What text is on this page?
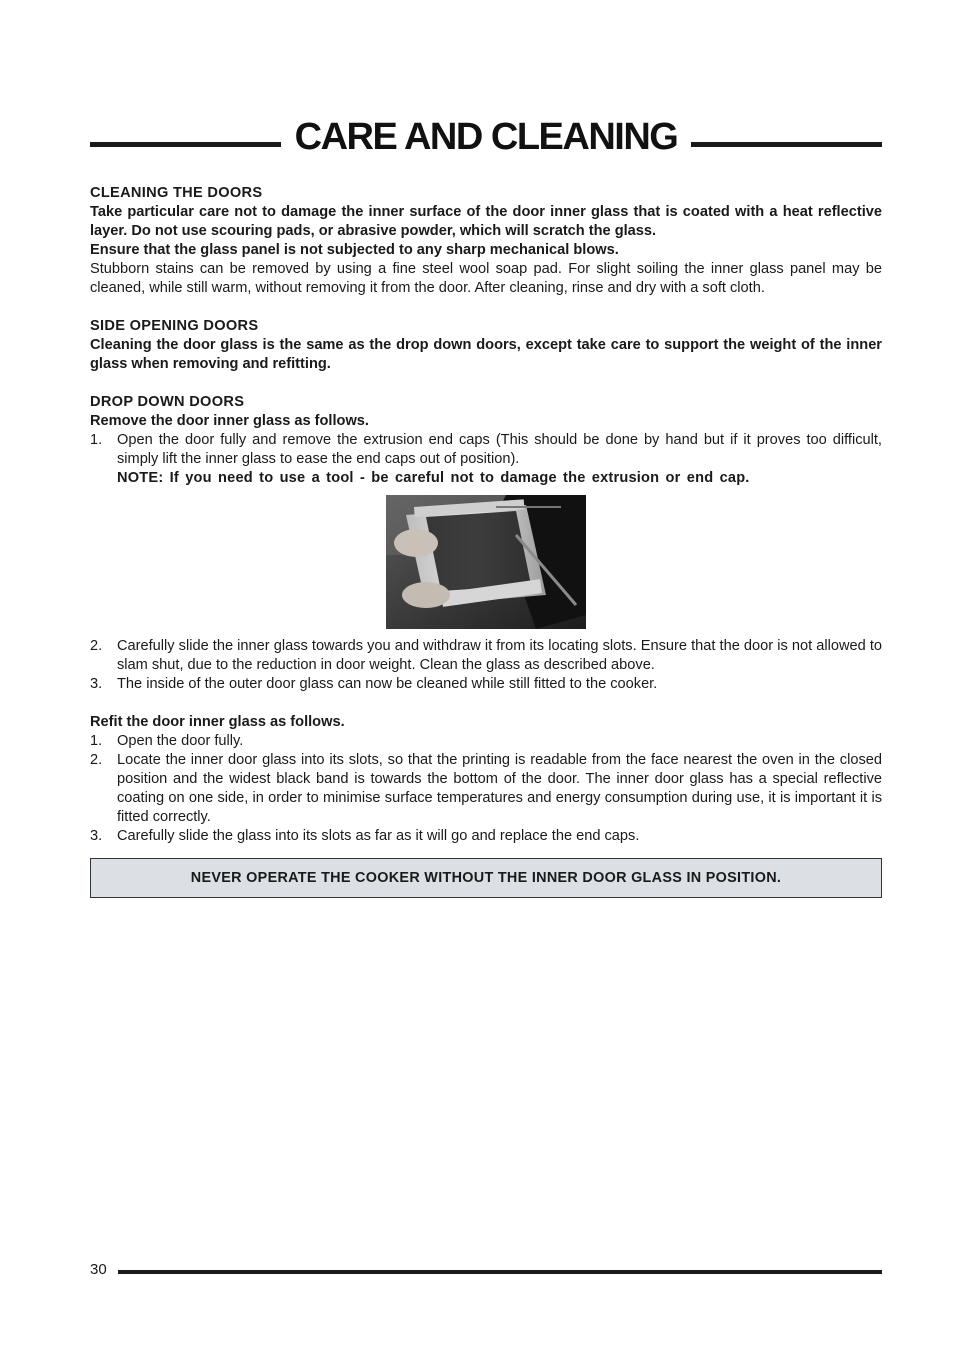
CARE AND CLEANING

CLEANING THE DOORS

Take particular care not to damage the inner surface of the door inner glass that is coated with a heat reflective layer. Do not use scouring pads, or abrasive powder, which will scratch the glass.

Ensure that the glass panel is not subjected to any sharp mechanical blows.

Stubborn stains can be removed by using a fine steel wool soap pad. For slight soiling the inner glass panel may be cleaned, while still warm, without removing it from the door. After cleaning, rinse and dry with a soft cloth.

SIDE OPENING DOORS

Cleaning the door glass is the same as the drop down doors, except take care to support the weight of the inner glass when removing and refitting.

DROP DOWN DOORS

Remove the door inner glass as follows.

1.	Open the door fully and remove the extrusion end caps (This should be done by hand but if it proves too difficult, simply lift the inner glass to ease the end caps out of position).

NOTE: If you need to use a tool - be careful not to damage the extrusion or end cap.

2.	Carefully slide the inner glass towards you and withdraw it from its locating slots. Ensure that the door is not allowed to slam shut, due to the reduction in door weight. Clean the glass as described above.
3.	The inside of the outer door glass can now be cleaned while still fitted to the cooker.

Refit the door inner glass as follows.

1.	Open the door fully.
2.	Locate the inner door glass into its slots, so that the printing is readable from the face nearest the oven in the closed position and the widest black band is towards the bottom of the door. The inner door glass has a special reflective coating on one side, in order to minimise surface temperatures and energy consumption during use, it is important it is fitted correctly.
3.	Carefully slide the glass into its slots as far as it will go and replace the end caps.
NEVER OPERATE THE COOKER WITHOUT THE INNER DOOR GLASS IN POSITION.
30
